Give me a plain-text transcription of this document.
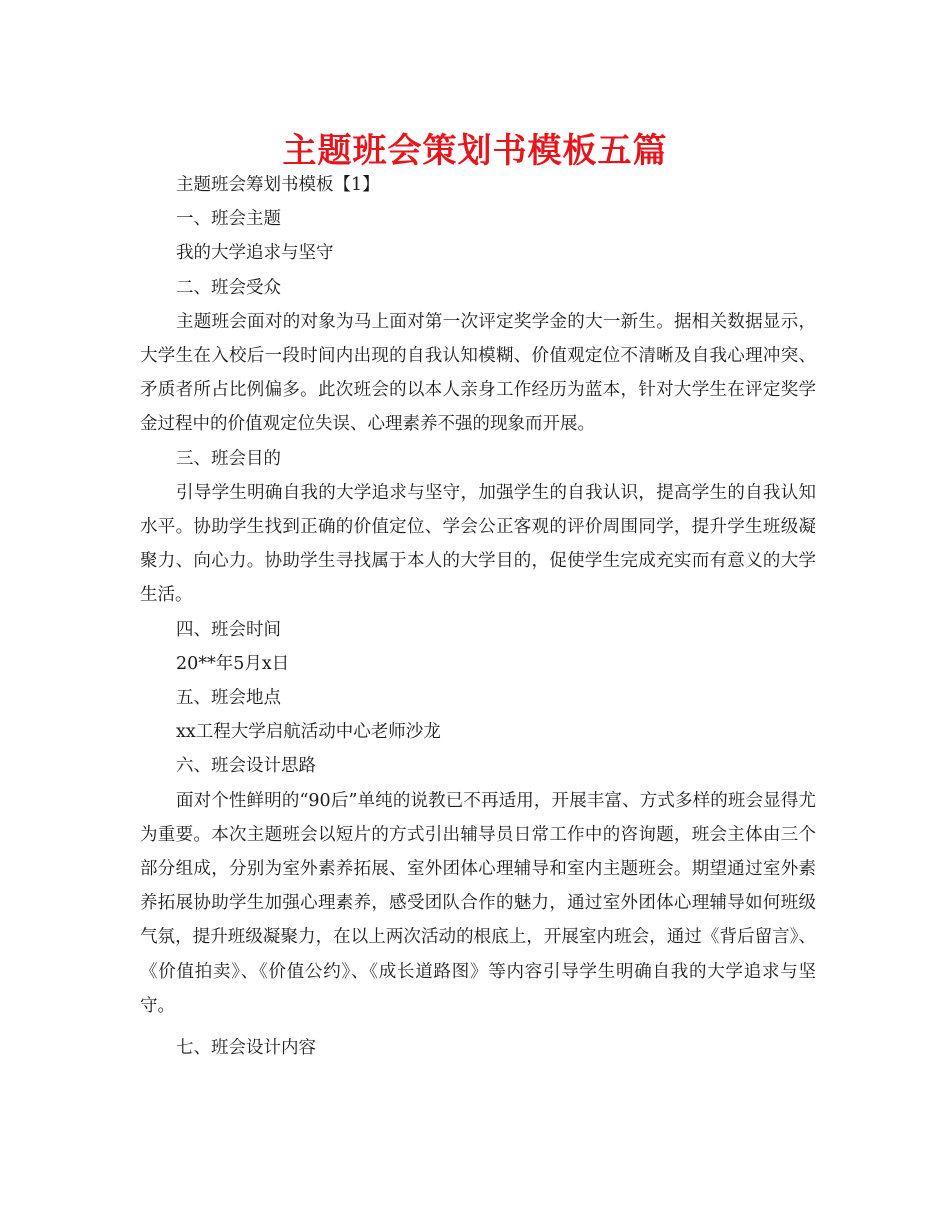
主题班会策划书模板五篇

主题班会筹划书模板【1】

一、班会主题

我的大学追求与坚守

二、班会受众

主题班会面对的对象为马上面对第一次评定奖学金的大一新生。据相关数据显示，大学生在入校后一段时间内出现的自我认知模糊、价值观定位不清晰及自我心理冲突、矛质者所占比例偏多。此次班会的以本人亲身工作经历为蓝本，针对大学生在评定奖学金过程中的价值观定位失误、心理素养不强的现象而开展。

三、班会目的

引导学生明确自我的大学追求与坚守，加强学生的自我认识，提高学生的自我认知水平。协助学生找到正确的价值定位、学会公正客观的评价周围同学，提升学生班级凝聚力、向心力。协助学生寻找属于本人的大学目的，促使学生完成充实而有意义的大学生活。

四、班会时间

20**年5月x日

五、班会地点

xx工程大学启航活动中心老师沙龙

六、班会设计思路

面对个性鲜明的“90后”单纯的说教已不再适用，开展丰富、方式多样的班会显得尤为重要。本次主题班会以短片的方式引出辅导员日常工作中的咨询题，班会主体由三个部分组成，分别为室外素养拓展、室外团体心理辅导和室内主题班会。期望通过室外素养拓展协助学生加强心理素养，感受团队合作的魅力，通过室外团体心理辅导如何班级气氛，提升班级凝聚力，在以上两次活动的根底上，开展室内班会，通过《背后留言》、《价值拍卖》、《价值公约》、《成长道路图》等内容引导学生明确自我的大学追求与坚守。

七、班会设计内容
